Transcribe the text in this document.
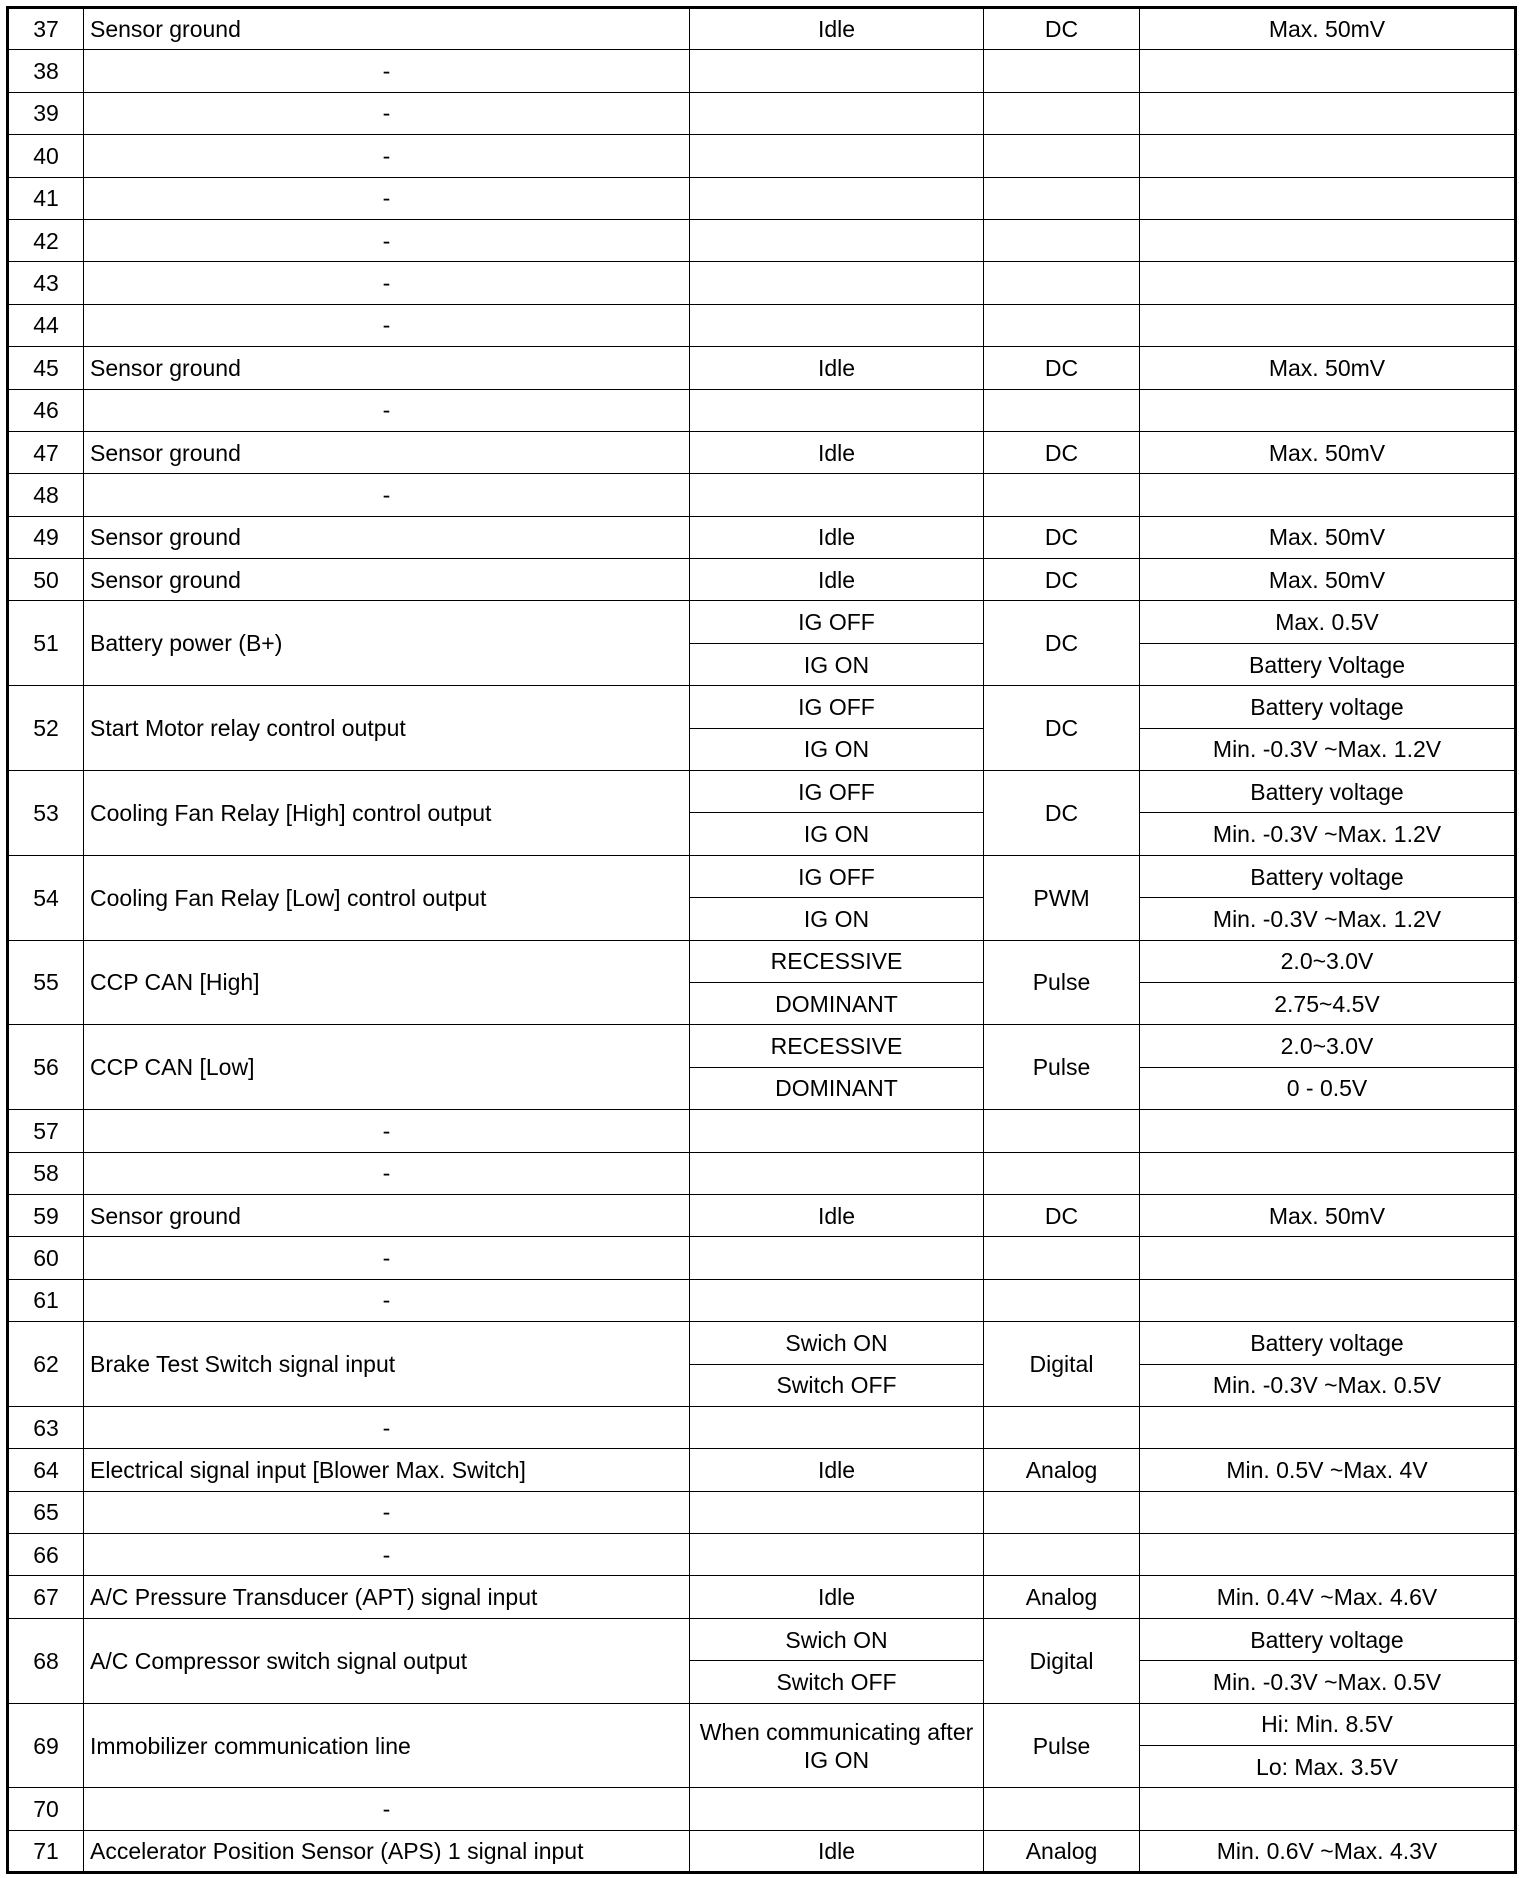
37	Sensor ground	Idle	DC	Max. 50mV
38	-			
39	-			
40	-			
41	-			
42	-			
43	-			
44	-			
45	Sensor ground	Idle	DC	Max. 50mV
46	-			
47	Sensor ground	Idle	DC	Max. 50mV
48	-			
49	Sensor ground	Idle	DC	Max. 50mV
50	Sensor ground	Idle	DC	Max. 50mV
51	Battery power (B+)	IG OFF	DC	Max. 0.5V
		IG ON		Battery Voltage
52	Start Motor relay control output	IG OFF	DC	Battery voltage
		IG ON		Min. -0.3V ~Max. 1.2V
53	Cooling Fan Relay [High] control output	IG OFF	DC	Battery voltage
		IG ON		Min. -0.3V ~Max. 1.2V
54	Cooling Fan Relay [Low] control output	IG OFF	PWM	Battery voltage
		IG ON		Min. -0.3V ~Max. 1.2V
55	CCP CAN [High]	RECESSIVE	Pulse	2.0~3.0V
		DOMINANT		2.75~4.5V
56	CCP CAN [Low]	RECESSIVE	Pulse	2.0~3.0V
		DOMINANT		0 - 0.5V
57	-			
58	-			
59	Sensor ground	Idle	DC	Max. 50mV
60	-			
61	-			
62	Brake Test Switch signal input	Swich ON	Digital	Battery voltage
		Switch OFF		Min. -0.3V ~Max. 0.5V
63	-			
64	Electrical signal input [Blower Max. Switch]	Idle	Analog	Min. 0.5V ~Max. 4V
65	-			
66	-			
67	A/C Pressure Transducer (APT) signal input	Idle	Analog	Min. 0.4V ~Max. 4.6V
68	A/C Compressor switch signal output	Swich ON	Digital	Battery voltage
		Switch OFF		Min. -0.3V ~Max. 0.5V
69	Immobilizer communication line	When communicating after IG ON	Pulse	Hi: Min. 8.5V
				Lo: Max. 3.5V
70	-			
71	Accelerator Position Sensor (APS) 1 signal input	Idle	Analog	Min. 0.6V ~Max. 4.3V
